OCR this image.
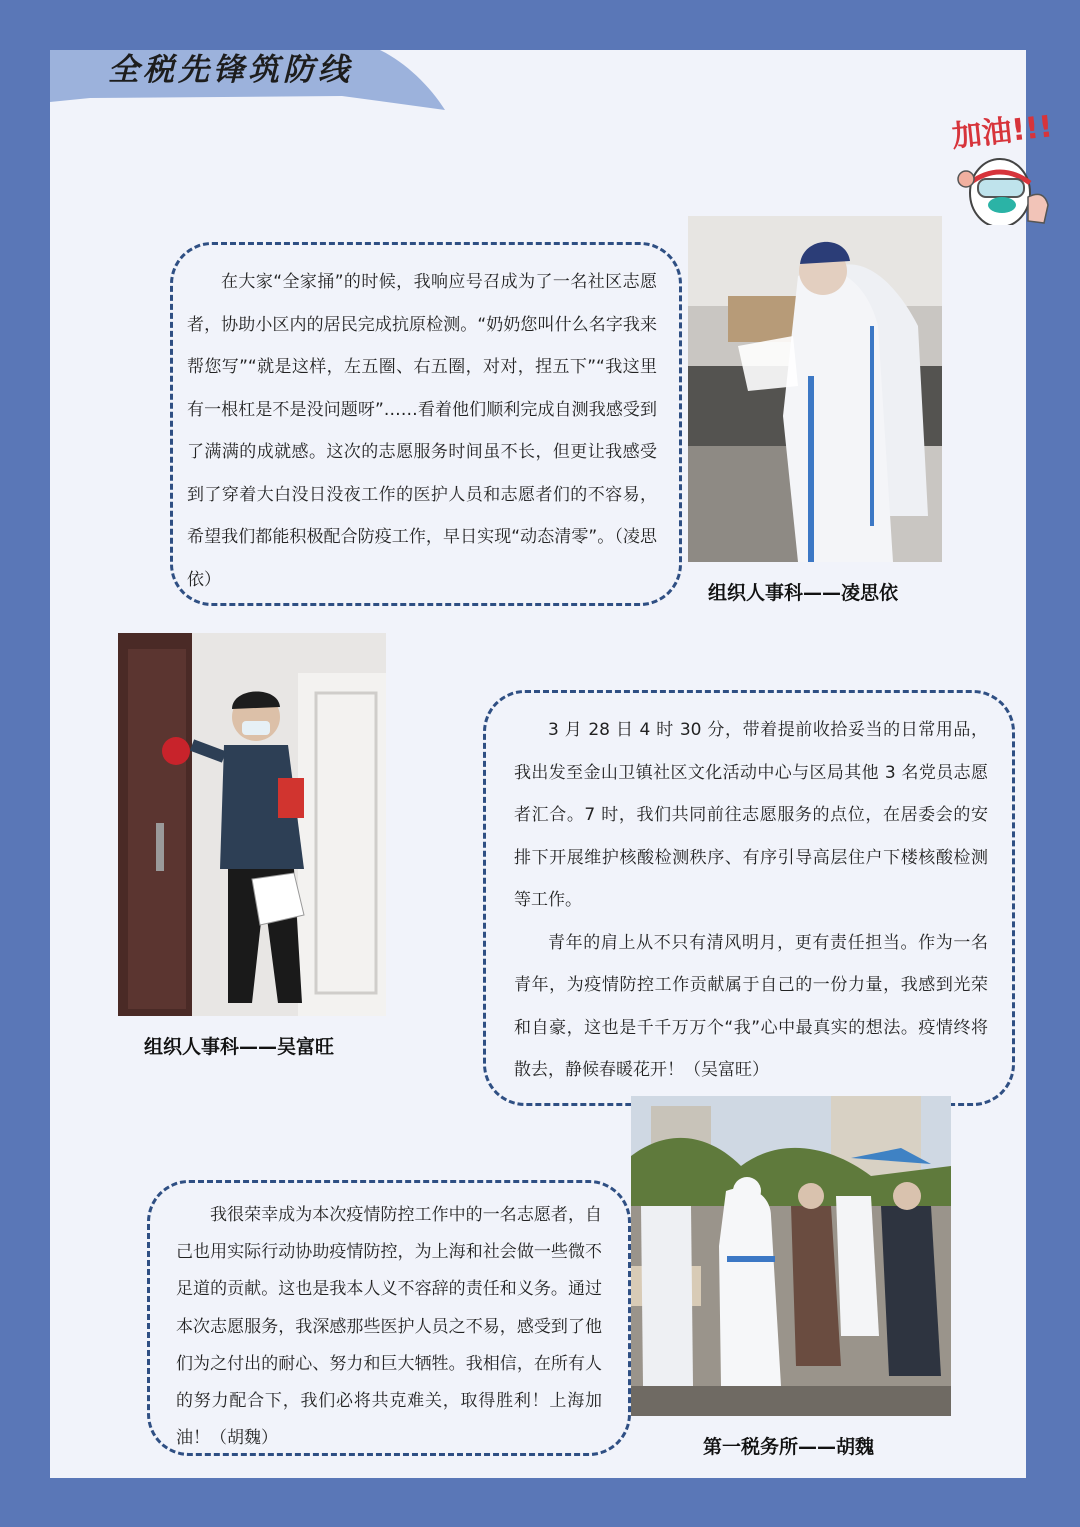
加油!!!

在大家“全家捅”的时候，我响应号召成为了一名社区志愿者，协助小区内的居民完成抗原检测。“奶奶您叫什么名字我来帮您写”“就是这样，左五圈、右五圈，对对，捏五下”“我这里有一根杠是不是没问题呀”……看着他们顺利完成自测我感受到了满满的成就感。这次的志愿服务时间虽不长，但更让我感受到了穿着大白没日没夜工作的医护人员和志愿者们的不容易，希望我们都能积极配合防疫工作，早日实现“动态清零”。（凌思依）

组织人事科——凌思依
组织人事科——吴富旺

3 月 28 日 4 时 30 分，带着提前收拾妥当的日常用品，我出发至金山卫镇社区文化活动中心与区局其他 3 名党员志愿者汇合。7 时，我们共同前往志愿服务的点位，在居委会的安排下开展维护核酸检测秩序、有序引导高层住户下楼核酸检测等工作。

青年的肩上从不只有清风明月，更有责任担当。作为一名青年，为疫情防控工作贡献属于自己的一份力量，我感到光荣和自豪，这也是千千万万个“我”心中最真实的想法。疫情终将散去，静候春暖花开！（吴富旺）

我很荣幸成为本次疫情防控工作中的一名志愿者，自己也用实际行动协助疫情防控，为上海和社会做一些微不足道的贡献。这也是我本人义不容辞的责任和义务。通过本次志愿服务，我深感那些医护人员之不易，感受到了他们为之付出的耐心、努力和巨大牺牲。我相信，在所有人的努力配合下，我们必将共克难关，取得胜利！上海加油！（胡魏）	第一税务所——胡魏
全税先锋筑防线
